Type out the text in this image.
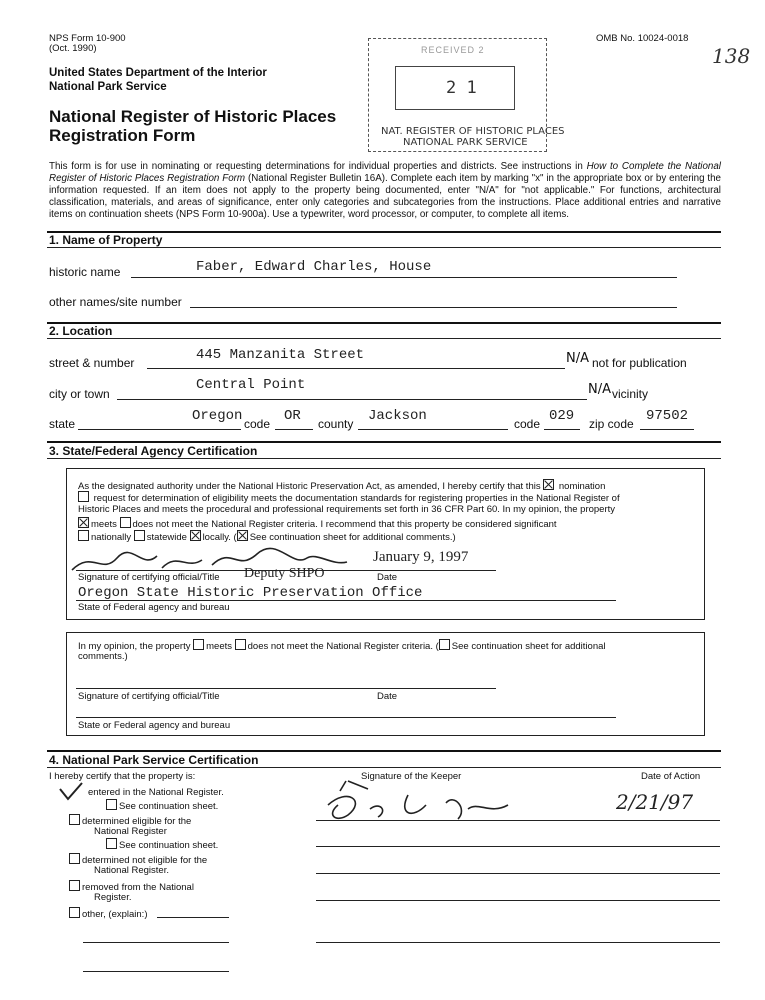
NPS Form 10-900
(Oct. 1990)
OMB No. 10024-0018
138
United States Department of the Interior
National Park Service
National Register of Historic Places
Registration Form
RECEIVED 2
2 1
NAT. REGISTER OF HISTORIC PLACES
NATIONAL PARK SERVICE
This form is for use in nominating or requesting determinations for individual properties and districts. See instructions in How to Complete the National Register of Historic Places Registration Form (National Register Bulletin 16A). Complete each item by marking "x" in the appropriate box or by entering the information requested. If an item does not apply to the property being documented, enter "N/A" for "not applicable." For functions, architectural classification, materials, and areas of significance, enter only categories and subcategories from the instructions. Place additional entries and narrative items on continuation sheets (NPS Form 10-900a). Use a typewriter, word processor, or computer, to complete all items.
1. Name of Property
historic name	Faber, Edward Charles, House
other names/site number
2. Location
street & number	445 Manzanita Street	N/A not for publication
city or town
Central Point	N/A vicinity
state	Oregon code OR county Jackson	code 029 zip code 97502
3. State/Federal Agency Certification
As the designated authority under the National Historic Preservation Act, as amended, I hereby certify that this nomination
request for determination of eligibility meets the documentation standards for registering properties in the National Register of
Historic Places and meets the procedural and professional requirements set forth in 36 CFR Part 60. In my opinion, the property
meets does not meet the National Register criteria. I recommend that this property be considered significant
nationally statewide locally. ( See continuation sheet for additional comments.)
January 9, 1997
Signature of certifying official/Title Deputy SHPO	Date
Oregon State Historic Preservation Office
State of Federal agency and bureau
In my opinion, the property meets does not meet the National Register criteria. ( See continuation sheet for additional
comments.)
Signature of certifying official/Title	Date
State or Federal agency and bureau
4. National Park Service Certification
I hereby certify that the property is:	Signature of the Keeper	Date of Action
entered in the National Register.
See continuation sheet.
determined eligible for the
National Register
See continuation sheet.
determined not eligible for the
National Register.
removed from the National
Register.
other, (explain:)
2/21/97
